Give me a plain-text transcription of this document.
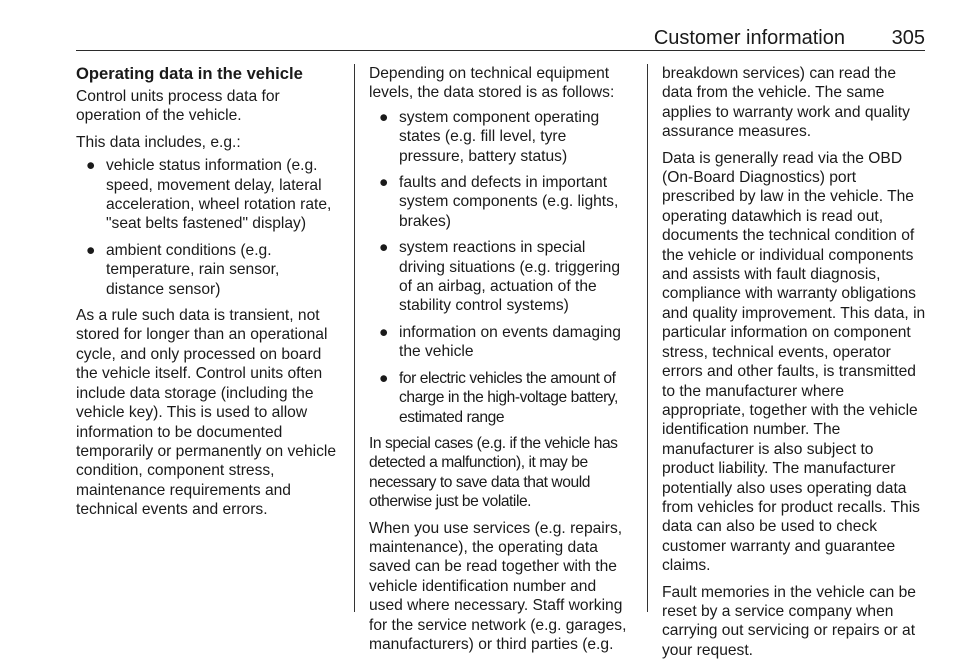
Customer information 305
Operating data in the vehicle

Control units process data for operation of the vehicle.

This data includes, e.g.:

● vehicle status information (e.g. speed, movement delay, lateral acceleration, wheel rotation rate, "seat belts fastened" display)
● ambient conditions (e.g. temperature, rain sensor, distance sensor)

As a rule such data is transient, not stored for longer than an operational cycle, and only processed on board the vehicle itself. Control units often include data storage (including the vehicle key). This is used to allow information to be documented temporarily or permanently on vehicle condition, component stress, maintenance requirements and technical events and errors.

Depending on technical equipment levels, the data stored is as follows:

● system component operating states (e.g. fill level, tyre pressure, battery status)
● faults and defects in important system components (e.g. lights, brakes)
● system reactions in special driving situations (e.g. triggering of an airbag, actuation of the stability control systems)
● information on events damaging the vehicle
● for electric vehicles the amount of charge in the high-voltage battery, estimated range

In special cases (e.g. if the vehicle has detected a malfunction), it may be necessary to save data that would otherwise just be volatile.

When you use services (e.g. repairs, maintenance), the operating data saved can be read together with the vehicle identification number and used where necessary. Staff working for the service network (e.g. garages, manufacturers) or third parties (e.g.

breakdown services) can read the data from the vehicle. The same applies to warranty work and quality assurance measures.

Data is generally read via the OBD (On-Board Diagnostics) port prescribed by law in the vehicle. The operating datawhich is read out, documents the technical condition of the vehicle or individual components and assists with fault diagnosis, compliance with warranty obligations and quality improvement. This data, in particular information on component stress, technical events, operator errors and other faults, is transmitted to the manufacturer where appropriate, together with the vehicle identification number. The manufacturer is also subject to product liability. The manufacturer potentially also uses operating data from vehicles for product recalls. This data can also be used to check customer warranty and guarantee claims.

Fault memories in the vehicle can be reset by a service company when carrying out servicing or repairs or at your request.
